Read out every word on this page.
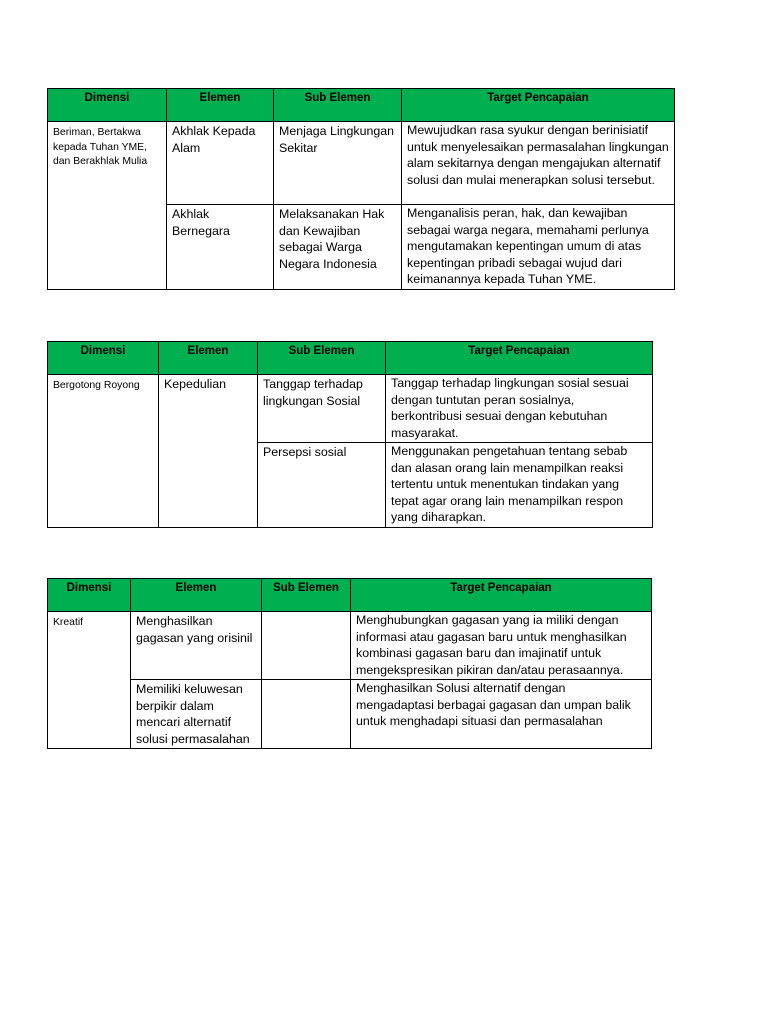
Dimensi	Elemen	Sub Elemen	Target Pencapaian
Beriman, Bertakwa kepada Tuhan YME, dan Berakhlak Mulia	Akhlak Kepada Alam	Menjaga Lingkungan Sekitar	Mewujudkan rasa syukur dengan berinisiatif untuk menyelesaikan permasalahan lingkungan alam sekitarnya dengan mengajukan alternatif solusi dan mulai menerapkan solusi tersebut.
	Akhlak Bernegara	Melaksanakan Hak dan Kewajiban sebagai Warga Negara Indonesia	Menganalisis peran, hak, dan kewajiban sebagai warga negara, memahami perlunya mengutamakan kepentingan umum di atas kepentingan pribadi sebagai wujud dari keimanannya kepada Tuhan YME.
Dimensi	Elemen	Sub Elemen	Target Pencapaian
Bergotong Royong	Kepedulian	Tanggap terhadap lingkungan Sosial	Tanggap terhadap lingkungan sosial sesuai dengan tuntutan peran sosialnya, berkontribusi sesuai dengan kebutuhan masyarakat.
		Persepsi sosial	Menggunakan pengetahuan tentang sebab dan alasan orang lain menampilkan reaksi tertentu untuk menentukan tindakan yang tepat agar orang lain menampilkan respon yang diharapkan.
Dimensi	Elemen	Sub Elemen	Target Pencapaian
Kreatif	Menghasilkan gagasan yang orisinil		Menghubungkan gagasan yang ia miliki dengan informasi atau gagasan baru untuk menghasilkan kombinasi gagasan baru dan imajinatif untuk mengekspresikan pikiran dan/atau perasaannya.
	Memiliki keluwesan berpikir dalam mencari alternatif solusi permasalahan		Menghasilkan Solusi alternatif dengan mengadaptasi berbagai gagasan dan umpan balik untuk menghadapi situasi dan permasalahan
